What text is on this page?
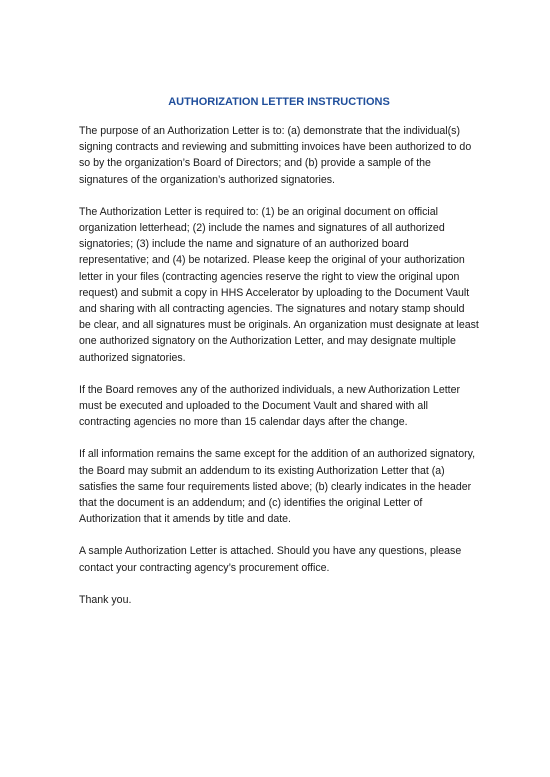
AUTHORIZATION LETTER INSTRUCTIONS

The purpose of an Authorization Letter is to: (a) demonstrate that the individual(s) signing contracts and reviewing and submitting invoices have been authorized to do so by the organization’s Board of Directors; and (b) provide a sample of the signatures of the organization’s authorized signatories.

The Authorization Letter is required to: (1) be an original document on official organization letterhead; (2) include the names and signatures of all authorized signatories; (3) include the name and signature of an authorized board representative; and (4) be notarized. Please keep the original of your authorization letter in your files (contracting agencies reserve the right to view the original upon request) and submit a copy in HHS Accelerator by uploading to the Document Vault and sharing with all contracting agencies. The signatures and notary stamp should be clear, and all signatures must be originals. An organization must designate at least one authorized signatory on the Authorization Letter, and may designate multiple authorized signatories.

If the Board removes any of the authorized individuals, a new Authorization Letter must be executed and uploaded to the Document Vault and shared with all contracting agencies no more than 15 calendar days after the change.

If all information remains the same except for the addition of an authorized signatory, the Board may submit an addendum to its existing Authorization Letter that (a) satisfies the same four requirements listed above; (b) clearly indicates in the header that the document is an addendum; and (c) identifies the original Letter of Authorization that it amends by title and date.

A sample Authorization Letter is attached. Should you have any questions, please contact your contracting agency’s procurement office.

Thank you.
